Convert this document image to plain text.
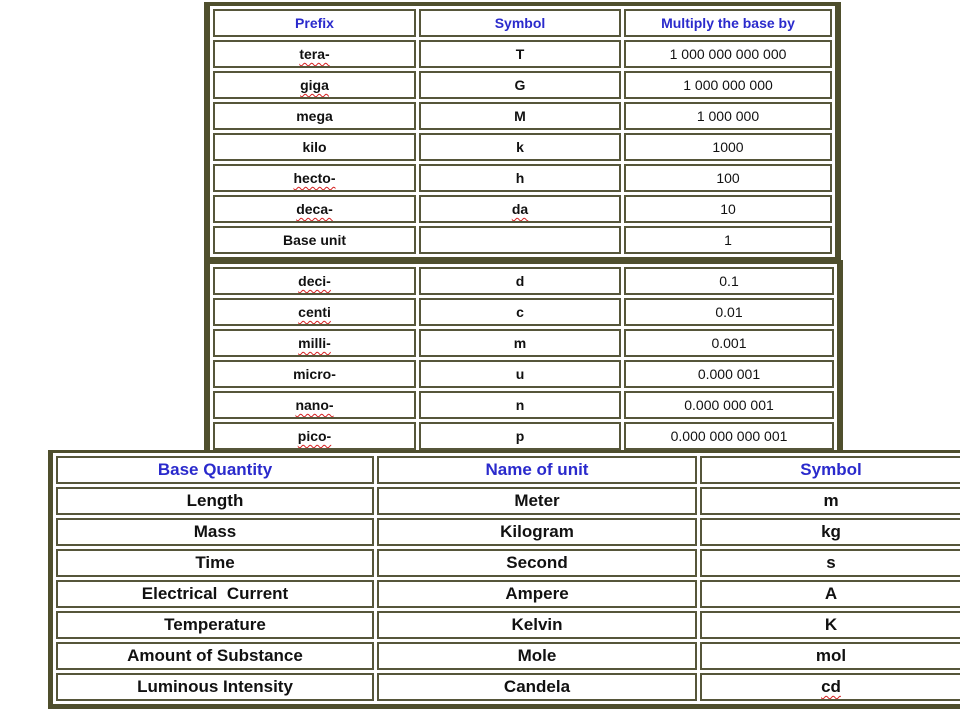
Prefix	Symbol	Multiply the base by
tera-	T	1 000 000 000 000
giga	G	1 000 000 000
mega	M	1 000 000
kilo	k	1000
hecto-	h	100
deca-	da	10
Base unit		1
deci-	d	0.1
centi	c	0.01
milli-	m	0.001
micro-	u	0.000 001
nano-	n	0.000 000 001
pico-	p	0.000 000 000 001
Base Quantity	Name of unit	Symbol
Length	Meter	m
Mass	Kilogram	kg
Time	Second	s
Electrical  Current	Ampere	A
Temperature	Kelvin	K
Amount of Substance	Mole	mol
Luminous Intensity	Candela	cd
